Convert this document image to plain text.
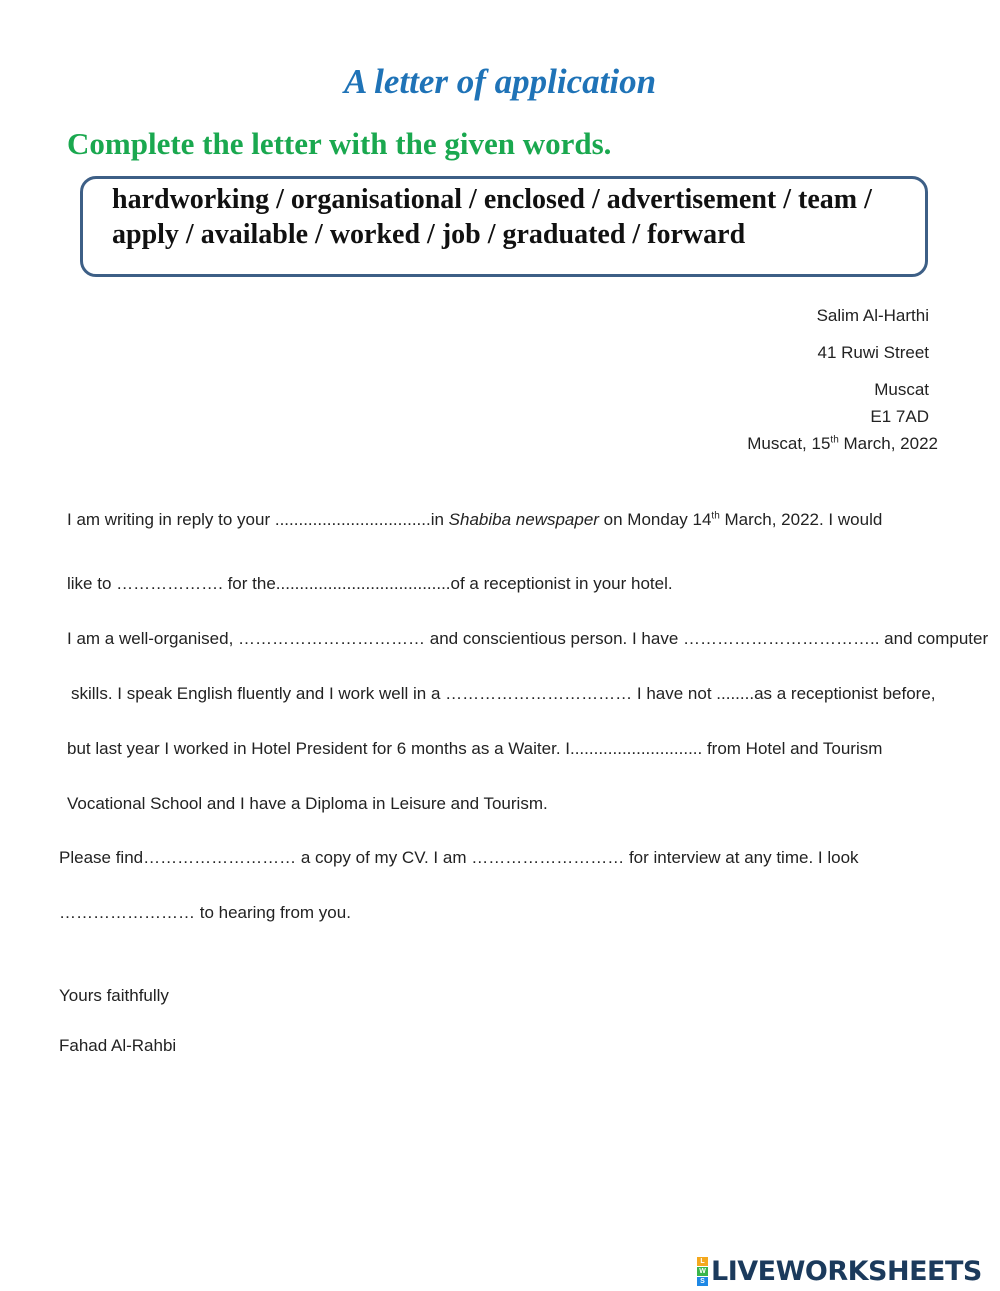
A letter of application
Complete the letter with the given words.
hardworking / organisational / enclosed / advertisement / team /
apply / available / worked / job / graduated / forward
Salim Al-Harthi
41 Ruwi Street
Muscat
E1 7AD
Muscat, 15th March, 2022
I am writing in reply to your .................................in Shabiba newspaper on Monday 14th March, 2022. I would
like to ………………. for the.....................................of a receptionist in your hotel.
I am a well-organised, …………………………… and conscientious person. I have …………………………….. and computer
skills. I speak English fluently and I work well in a …………………………… I have not ........as a receptionist before,
but last year I worked in Hotel President for 6 months as a Waiter. I............................ from Hotel and Tourism
Vocational School and I have a Diploma in Leisure and Tourism.
Please find……………………… a copy of my CV. I am ……………………… for interview at any time. I look
…………………… to hearing from you.
Yours faithfully
Fahad Al-Rahbi
L
W
S LIVEWORKSHEETS
